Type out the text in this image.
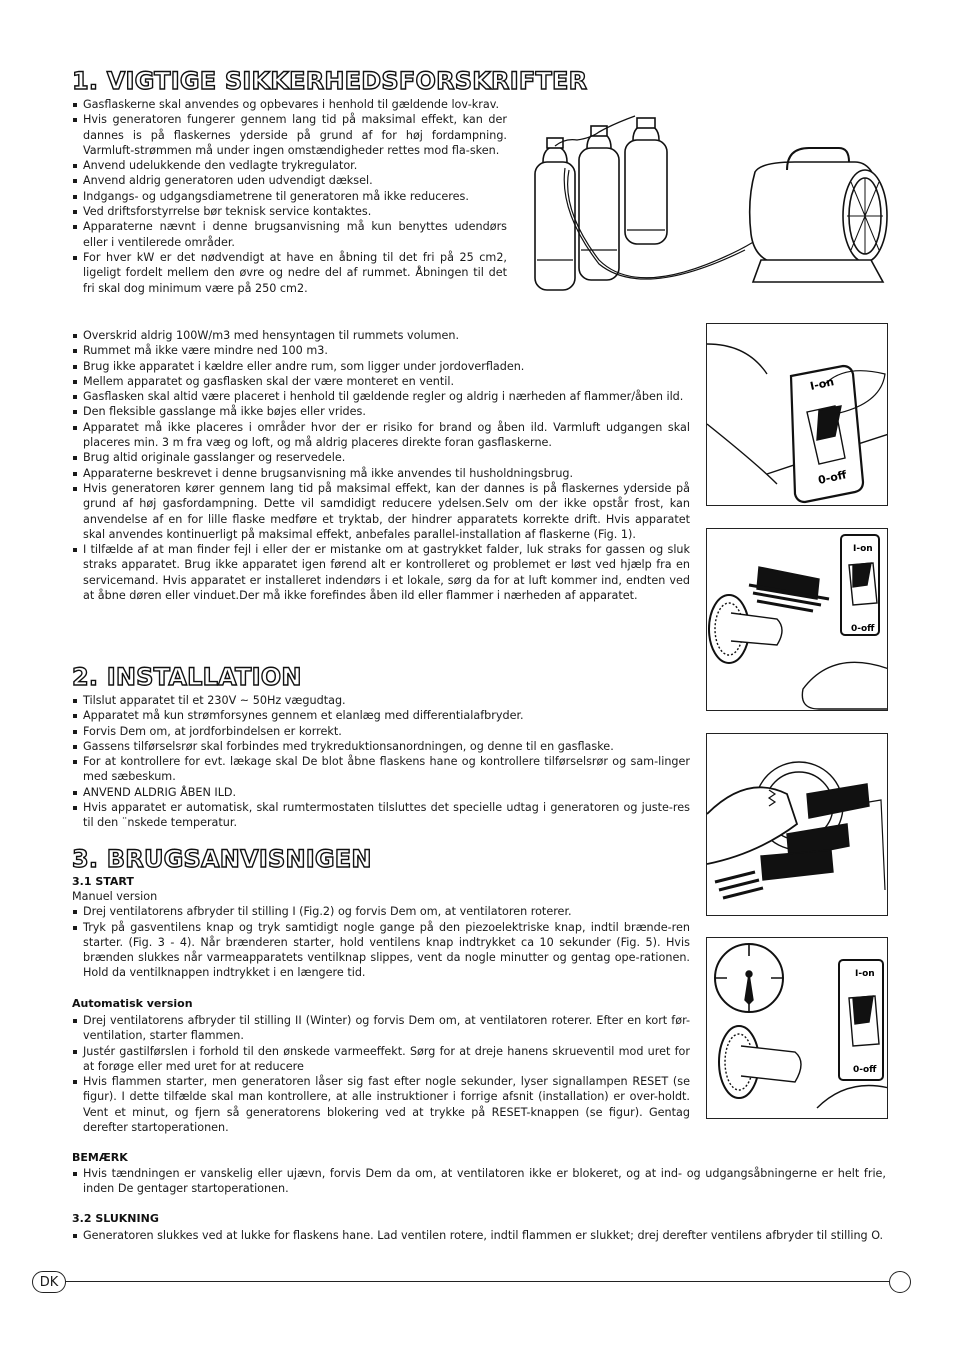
1. VIGTIGE SIKKERHEDSFORSKRIFTER
Gasflaskerne skal anvendes og opbevares i henhold til gældende lov-krav.
Hvis generatoren fungerer gennem lang tid på maksimal effekt, kan der dannes is på flaskernes yderside på grund af for høj fordampning. Varmluft-strømmen må under ingen omstændigheder rettes mod fla-sken.
Anvend udelukkende den vedlagte trykregulator.
Anvend aldrig generatoren uden udvendigt dæksel.
Indgangs- og udgangsdiametrene til generatoren må ikke reduceres.
Ved driftsforstyrrelse bør teknisk service kontaktes.
Apparaterne nævnt i denne brugsanvisning må kun benyttes udendørs eller i ventilerede områder.
For hver kW er det nødvendigt at have en åbning til det fri på 25 cm2, ligeligt fordelt mellem den øvre og nedre del af rummet. Åbningen til det fri skal dog minimum være på 250 cm2.
Overskrid aldrig 100W/m3 med hensyntagen til rummets volumen.
Rummet må ikke være mindre ned 100 m3.
Brug ikke apparatet i kældre eller andre rum, som ligger under jordoverfladen.
Mellem apparatet og gasflasken skal der være monteret en ventil.
Gasflasken skal altid være placeret i henhold til gældende regler og aldrig i nærheden af flammer/åben ild.
Den fleksible gasslange må ikke bøjes eller vrides.
Apparatet må ikke placeres i områder hvor der er risiko for brand og åben ild. Varmluft udgangen skal placeres min. 3 m fra væg og loft, og må aldrig placeres direkte foran gasflaskerne.
Brug altid originale gasslanger og reservedele.
Apparaterne beskrevet i denne brugsanvisning må ikke anvendes til husholdningsbrug.
Hvis generatoren kører gennem lang tid på maksimal effekt, kan der dannes is på flaskernes yderside på grund af høj gasfordampning. Dette vil samdidigt reducere ydelsen.Selv om der ikke opstår frost, kan anvendelse af en for lille flaske medføre et tryktab, der hindrer apparatets korrekte drift. Hvis apparatet skal anvendes kontinuerligt på maksimal effekt, anbefales parallel-installation af flaskerne (Fig. 1).
I tilfælde af at man finder fejl i eller der er mistanke om at gastrykket falder, luk straks for gassen og sluk straks apparatet. Brug ikke apparatet igen førend alt er kontrolleret og problemet er løst ved hjælp fra en servicemand. Hvis apparatet er installeret indendørs i et lokale, sørg da for at luft kommer ind, endten ved at åbne døren eller vinduet.Der må ikke forefindes åben ild eller flammer i nærheden af apparatet.
2. INSTALLATION
Tilslut apparatet til et 230V ~ 50Hz vægudtag.
Apparatet må kun strømforsynes gennem et elanlæg med differentialafbryder.
Forvis Dem om, at jordforbindelsen er korrekt.
Gassens tilførselsrør skal forbindes med trykreduktionsanordningen, og denne til en gasflaske.
For at kontrollere for evt. lækage skal De blot åbne flaskens hane og kontrollere tilførselsrør og sam-linger med sæbeskum.
ANVEND ALDRIG ÅBEN ILD.
Hvis apparatet er automatisk, skal rumtermostaten tilsluttes det specielle udtag i generatoren og juste-res til den ¨nskede temperatur.
3. BRUGSANVISNIGEN
3.1 START

Manuel version

Drej ventilatorens afbryder til stilling I (Fig.2) og forvis Dem om, at ventilatoren roterer.
Tryk på gasventilens knap og tryk samtidigt nogle gange på den piezoelektriske knap, indtil brænde-ren starter. (Fig. 3 - 4). Når brænderen starter, hold ventilens knap indtrykket ca 10 sekunder (Fig. 5). Hvis brænden slukkes når varmeapparatets ventilknap slippes, vent da nogle minutter og gentag ope-rationen. Hold da ventilknappen indtrykket i en længere tid.
Automatisk version
Drej ventilatorens afbryder til stilling II (Winter) og forvis Dem om, at ventilatoren roterer. Efter en kort før-ventilation, starter flammen.
Justér gastilførslen i forhold til den ønskede varmeeffekt. Sørg for at dreje hanens skrueventil mod uret for at forøge eller med uret for at reducere
Hvis flammen starter, men generatoren låser sig fast efter nogle sekunder, lyser signallampen RESET (se figur). I dette tilfælde skal man kontrollere, at alle instruktioner i forrige afsnit (installation) er over-holdt. Vent et minut, og fjern så generatorens blokering ved at trykke på RESET-knappen (se figur). Gentag derefter startoperationen.
BEMÆRK
Hvis tændningen er vanskelig eller ujævn, forvis Dem da om, at ventilatoren ikke er blokeret, og at ind- og udgangsåbningerne er helt frie, inden De gentager startoperationen.
3.2 SLUKNING
Generatoren slukkes ved at lukke for flaskens hane. Lad ventilen rotere, indtil flammen er slukket; drej derefter ventilens afbryder til stilling O.
I-on
0-off
I-on
0-off
I-on
0-off
DK
